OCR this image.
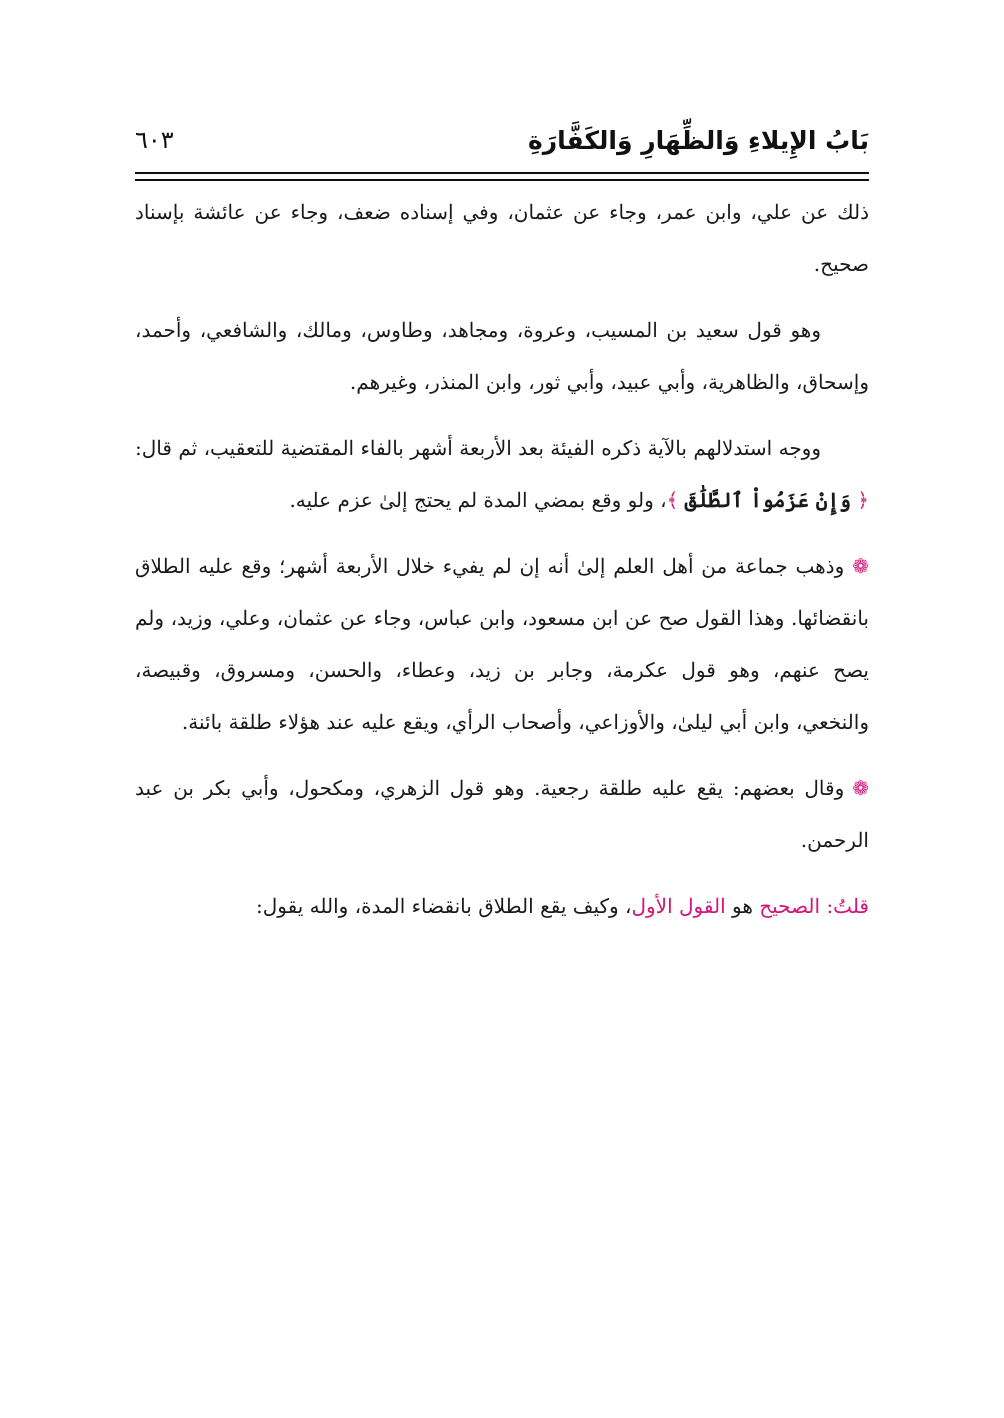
بَابُ الإِيلاءِ وَالظِّهَارِ وَالكَفَّارَةِ
٦٠٣

ذلك عن علي، وابن عمر، وجاء عن عثمان، وفي إسناده ضعف، وجاء عن عائشة بإسناد صحيح.

وهو قول سعيد بن المسيب، وعروة، ومجاهد، وطاوس، ومالك، والشافعي، وأحمد، وإسحاق، والظاهرية، وأبي عبيد، وأبي ثور، وابن المنذر، وغيرهم.

ووجه استدلالهم بالآية ذكره الفيئة بعد الأربعة أشهر بالفاء المقتضية للتعقيب، ثم قال: ﴿ وَإِنْ عَزَمُواْ ٱلطَّلَٰقَ ﴾، ولو وقع بمضي المدة لم يحتج إلىٰ عزم عليه.

❁وذهب جماعة من أهل العلم إلىٰ أنه إن لم يفيء خلال الأربعة أشهر؛ وقع عليه الطلاق بانقضائها. وهذا القول صح عن ابن مسعود، وابن عباس، وجاء عن عثمان، وعلي، وزيد، ولم يصح عنهم، وهو قول عكرمة، وجابر بن زيد، وعطاء، والحسن، ومسروق، وقبيصة، والنخعي، وابن أبي ليلىٰ، والأوزاعي، وأصحاب الرأي، ويقع عليه عند هؤلاء طلقة بائنة.

❁وقال بعضهم: يقع عليه طلقة رجعية. وهو قول الزهري، ومكحول، وأبي بكر بن عبد الرحمن.

قلتُ: الصحيح هو القول الأول، وكيف يقع الطلاق بانقضاء المدة، والله يقول:
